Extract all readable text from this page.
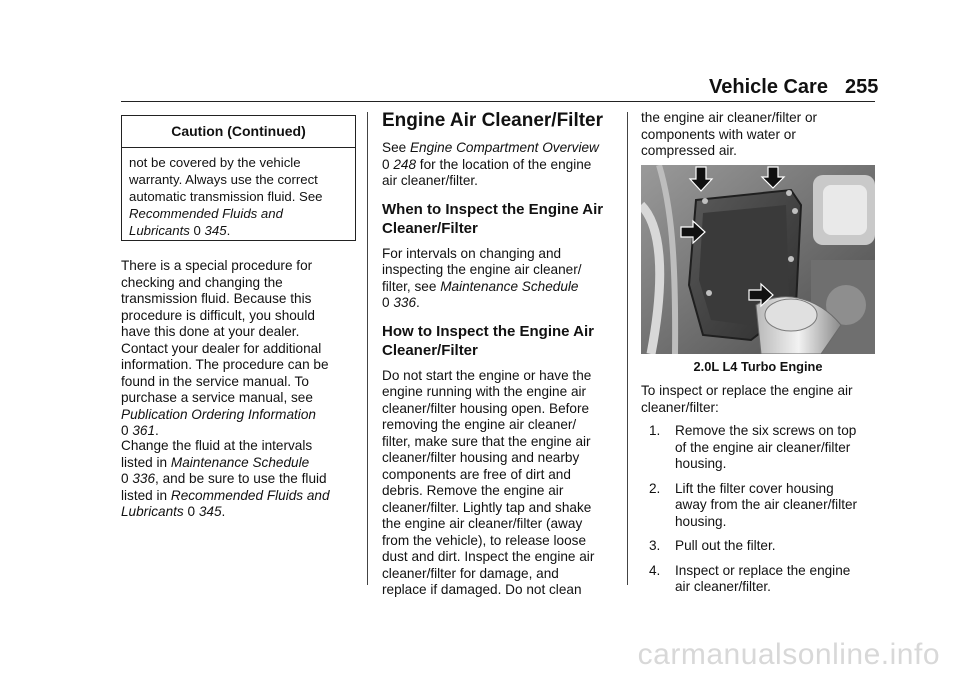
Vehicle Care 255
Caution (Continued)
not be covered by the vehicle
warranty. Always use the correct
automatic transmission fluid. See
Recommended Fluids and
Lubricants 0 345.

There is a special procedure for

checking and changing the

transmission fluid. Because this

procedure is difficult, you should

have this done at your dealer.

Contact your dealer for additional

information. The procedure can be

found in the service manual. To

purchase a service manual, see

Publication Ordering Information

0 361.

Change the fluid at the intervals

listed in Maintenance Schedule

0 336, and be sure to use the fluid

listed in Recommended Fluids and

Lubricants 0 345.

Engine Air Cleaner/Filter

See Engine Compartment Overview

0 248 for the location of the engine

air cleaner/filter.

When to Inspect the Engine Air
Cleaner/Filter

For intervals on changing and

inspecting the engine air cleaner/

filter, see Maintenance Schedule

0 336.

How to Inspect the Engine Air
Cleaner/Filter

Do not start the engine or have the

engine running with the engine air

cleaner/filter housing open. Before

removing the engine air cleaner/

filter, make sure that the engine air

cleaner/filter housing and nearby

components are free of dirt and

debris. Remove the engine air

cleaner/filter. Lightly tap and shake

the engine air cleaner/filter (away

from the vehicle), to release loose

dust and dirt. Inspect the engine air

cleaner/filter for damage, and

replace if damaged. Do not clean

the engine air cleaner/filter or

components with water or

compressed air.

2.0L L4 Turbo Engine

To inspect or replace the engine air

cleaner/filter:

1. Remove the six screws on top
of the engine air cleaner/filter
housing.
2. Lift the filter cover housing
away from the air cleaner/filter
housing.
3. Pull out the filter.
4. Inspect or replace the engine
air cleaner/filter.
carmanualsonline.info
